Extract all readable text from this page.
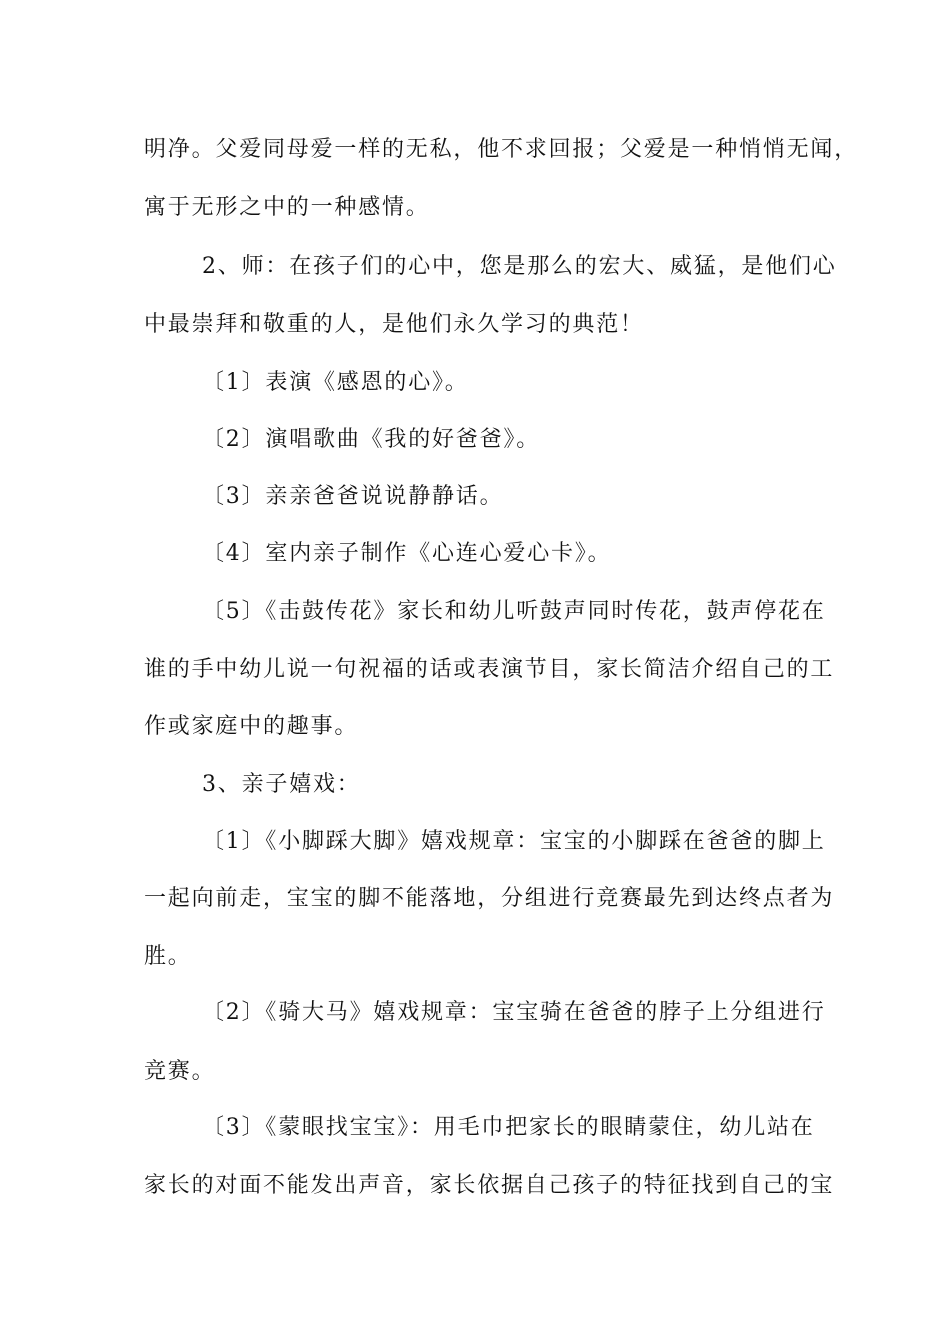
明净。父爱同母爱一样的无私，他不求回报；父爱是一种悄悄无闻，
寓于无形之中的一种感情。
2、师：在孩子们的心中，您是那么的宏大、威猛，是他们心
中最崇拜和敬重的人，是他们永久学习的典范！
〔1〕表演《感恩的心》。
〔2〕演唱歌曲《我的好爸爸》。
〔3〕亲亲爸爸说说静静话。
〔4〕室内亲子制作《心连心爱心卡》。
〔5〕《击鼓传花》家长和幼儿听鼓声同时传花，鼓声停花在
谁的手中幼儿说一句祝福的话或表演节目，家长简洁介绍自己的工
作或家庭中的趣事。
3、亲子嬉戏：
〔1〕《小脚踩大脚》嬉戏规章：宝宝的小脚踩在爸爸的脚上
一起向前走，宝宝的脚不能落地，分组进行竞赛最先到达终点者为
胜。
〔2〕《骑大马》嬉戏规章：宝宝骑在爸爸的脖子上分组进行
竞赛。
〔3〕《蒙眼找宝宝》：用毛巾把家长的眼睛蒙住，幼儿站在
家长的对面不能发出声音，家长依据自己孩子的特征找到自己的宝
